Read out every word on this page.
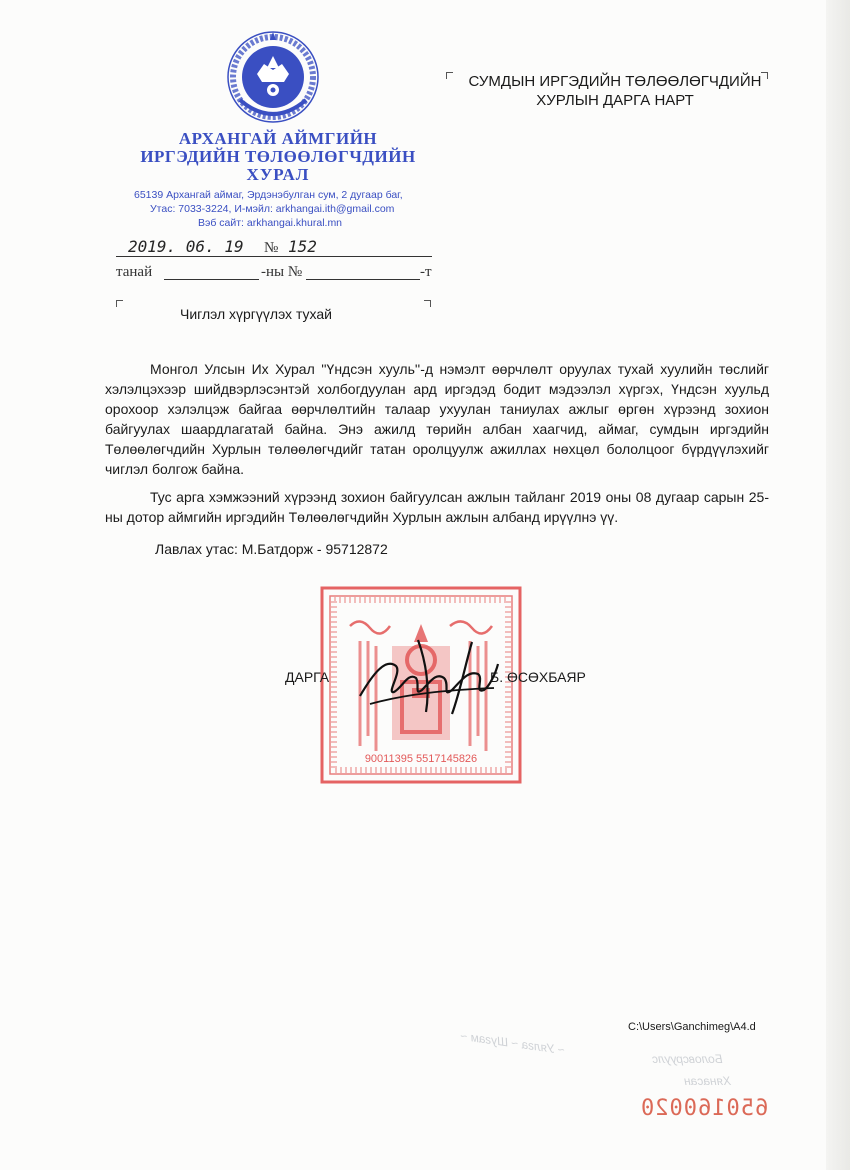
АРХАНГАЙ АЙМГИЙН
ИРГЭДИЙН ТӨЛӨӨЛӨГЧДИЙН
ХУРАЛ
65139 Архангай аймаг, Эрдэнэбулган сум, 2 дугаар баг,
Утас: 7033-3224, И-мэйл: arkhangai.ith@gmail.com
Вэб сайт: arkhangai.khural.mn
СУМДЫН ИРГЭДИЙН ТӨЛӨӨЛӨГЧДИЙН
ХУРЛЫН ДАРГА НАРТ
2019. 06. 19 № 152
танай	-ны №	-т
Чиглэл хүргүүлэх тухай

Монгол Улсын Их Хурал ''Үндсэн хууль''-д нэмэлт өөрчлөлт оруулах тухай хуулийн төслийг хэлэлцэхээр шийдвэрлэсэнтэй холбогдуулан ард иргэдэд бодит мэдээлэл хүргэх, Үндсэн хуульд орохоор хэлэлцэж байгаа өөрчлөлтийн талаар ухуулан таниулах ажлыг өргөн хүрээнд зохион байгуулах шаардлагатай байна. Энэ ажилд төрийн албан хаагчид, аймаг, сумдын иргэдийн Төлөөлөгчдийн Хурлын төлөөлөгчдийг татан оролцуулж ажиллах нөхцөл бололцоог бүрдүүлэхийг чиглэл болгож байна.

Тус арга хэмжээний хүрээнд зохион байгуулсан ажлын тайланг 2019 оны 08 дугаар сарын 25-ны дотор аймгийн иргэдийн Төлөөлөгчдийн Хурлын ажлын албанд ирүүлнэ үү.

Лавлах утас: М.Батдорж - 95712872
90011395 5517145826
ДАРГА	Б. ӨСӨХБАЯР
C:\Users\Ganchimeg\A4.d
~ Уялга ~ Шугам ~
Боловсруулс
Хянасан
650160020
